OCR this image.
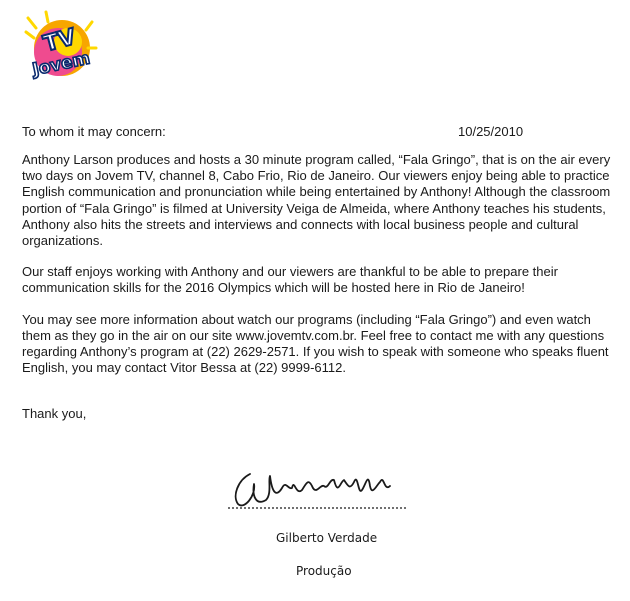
TV
Jovem
To whom it may concern:	10/25/2010

Anthony Larson produces and hosts a 30 minute program called, “Fala Gringo”, that is on the air every two days on Jovem TV, channel 8, Cabo Frio, Rio de Janeiro. Our viewers enjoy being able to practice English communication and pronunciation while being entertained by Anthony! Although the classroom portion of “Fala Gringo” is filmed at University Veiga de Almeida, where Anthony teaches his students, Anthony also hits the streets and interviews and connects with local business people and cultural organizations.

Our staff enjoys working with Anthony and our viewers are thankful to be able to prepare their communication skills for the 2016 Olympics which will be hosted here in Rio de Janeiro!

You may see more information about watch our programs (including “Fala Gringo”) and even watch them as they go in the air on our site www.jovemtv.com.br. Feel free to contact me with any questions regarding Anthony’s program at (22) 2629-2571. If you wish to speak with someone who speaks fluent English, you may contact Vitor Bessa at (22) 9999-6112.

Thank you,
Gilberto Verdade
Produção
